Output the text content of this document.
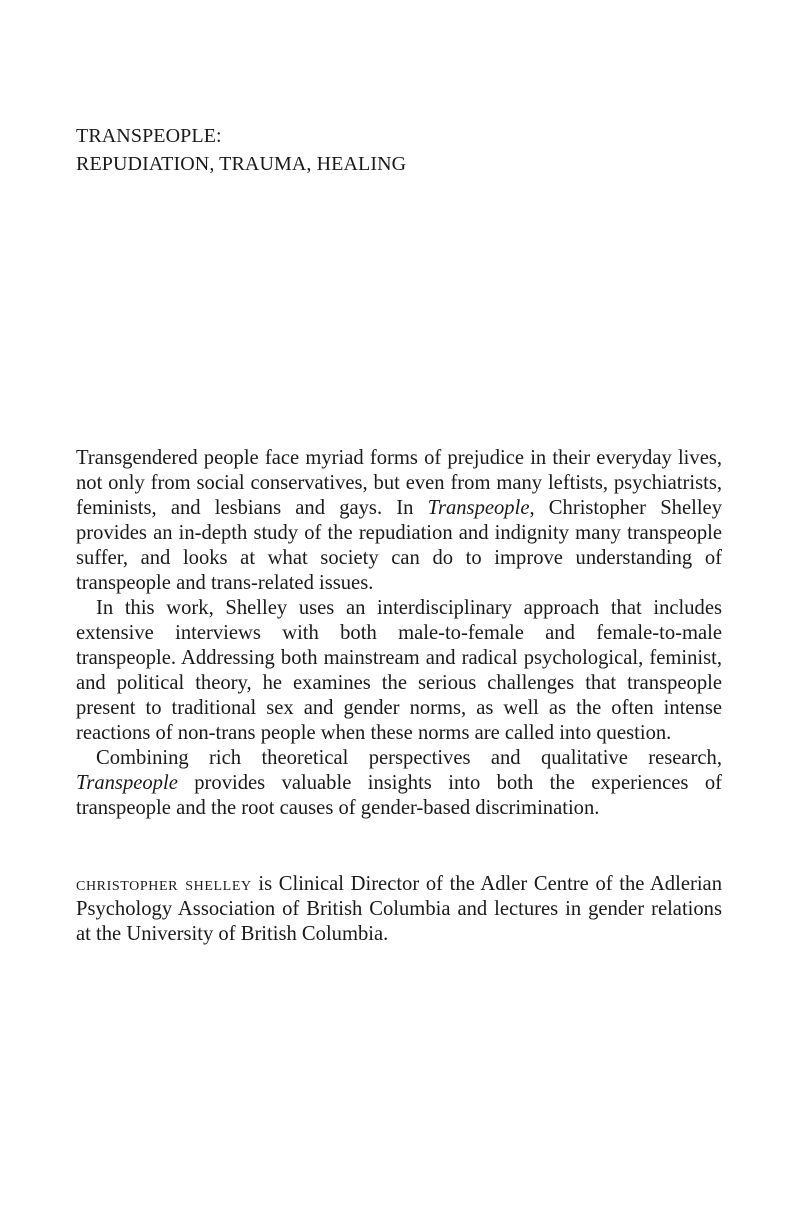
TRANSPEOPLE:
REPUDIATION, TRAUMA, HEALING

Transgendered people face myriad forms of prejudice in their everyday lives, not only from social conservatives, but even from many leftists, psychiatrists, feminists, and lesbians and gays. In Transpeople, Christopher Shelley provides an in-depth study of the repudiation and indignity many transpeople suffer, and looks at what society can do to improve understanding of transpeople and trans-related issues.

In this work, Shelley uses an interdisciplinary approach that includes extensive interviews with both male-to-female and female-to-male transpeople. Addressing both mainstream and radical psychological, feminist, and political theory, he examines the serious challenges that transpeople present to traditional sex and gender norms, as well as the often intense reactions of non-trans people when these norms are called into question.

Combining rich theoretical perspectives and qualitative research, Transpeople provides valuable insights into both the experiences of transpeople and the root causes of gender-based discrimination.

christopher shelley is Clinical Director of the Adler Centre of the Adlerian Psychology Association of British Columbia and lectures in gender relations at the University of British Columbia.
